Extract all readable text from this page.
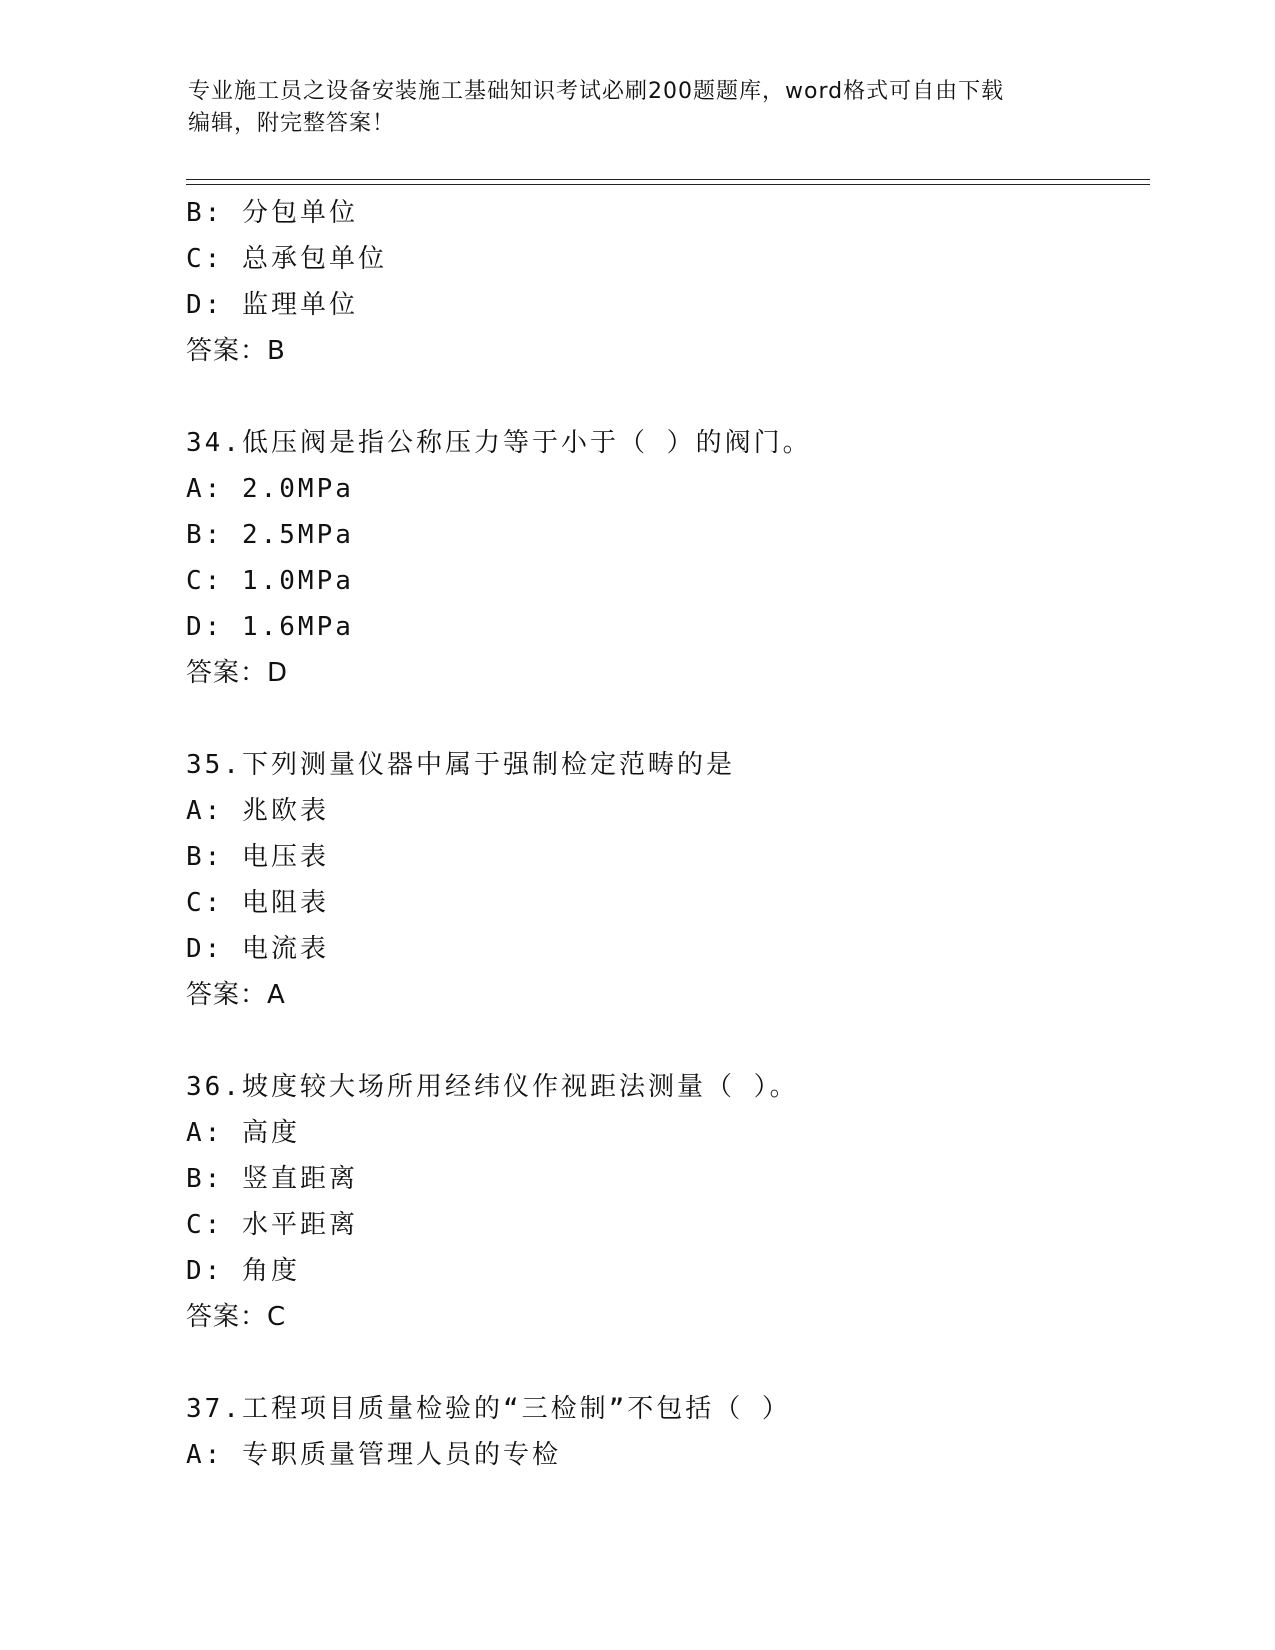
专业施工员之设备安装施工基础知识考试必刷200题题库，word格式可自由下载
编辑，附完整答案！
B: 分包单位
C: 总承包单位
D: 监理单位
答案：B
34.低压阀是指公称压力等于小于（ ）的阀门。
A: 2.0MPa
B: 2.5MPa
C: 1.0MPa
D: 1.6MPa
答案：D
35.下列测量仪器中属于强制检定范畴的是
A: 兆欧表
B: 电压表
C: 电阻表
D: 电流表
答案：A
36.坡度较大场所用经纬仪作视距法测量（ ）。
A: 高度
B: 竖直距离
C: 水平距离
D: 角度
答案：C
37.工程项目质量检验的“三检制”不包括（ ）
A: 专职质量管理人员的专检
